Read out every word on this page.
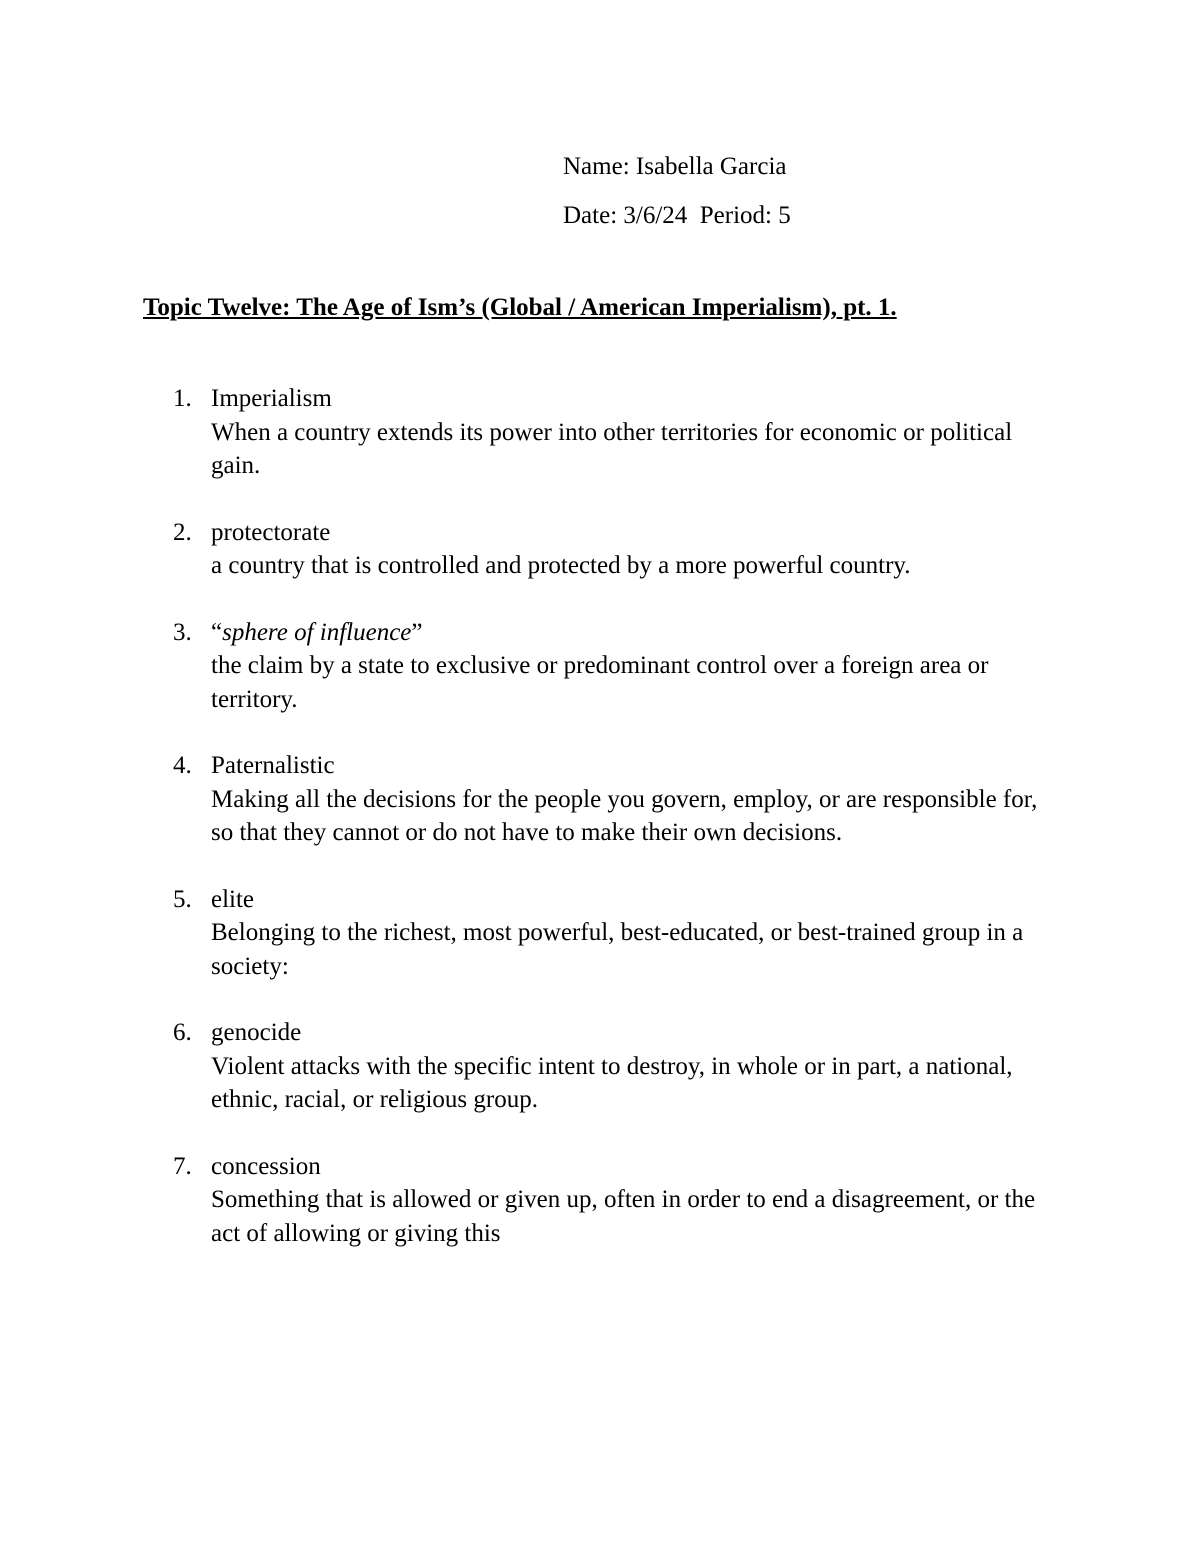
Name: Isabella Garcia
Date: 3/6/24  Period: 5
Topic Twelve: The Age of Ism’s (Global / American Imperialism), pt. 1.
1. Imperialism
When a country extends its power into other territories for economic or political gain.
2. protectorate
a country that is controlled and protected by a more powerful country.
3. “sphere of influence”
the claim by a state to exclusive or predominant control over a foreign area or territory.
4. Paternalistic
Making all the decisions for the people you govern, employ, or are responsible for, so that they cannot or do not have to make their own decisions.
5. elite
Belonging to the richest, most powerful, best-educated, or best-trained group in a society:
6. genocide
Violent attacks with the specific intent to destroy, in whole or in part, a national, ethnic, racial, or religious group.
7. concession
Something that is allowed or given up, often in order to end a disagreement, or the act of allowing or giving this
